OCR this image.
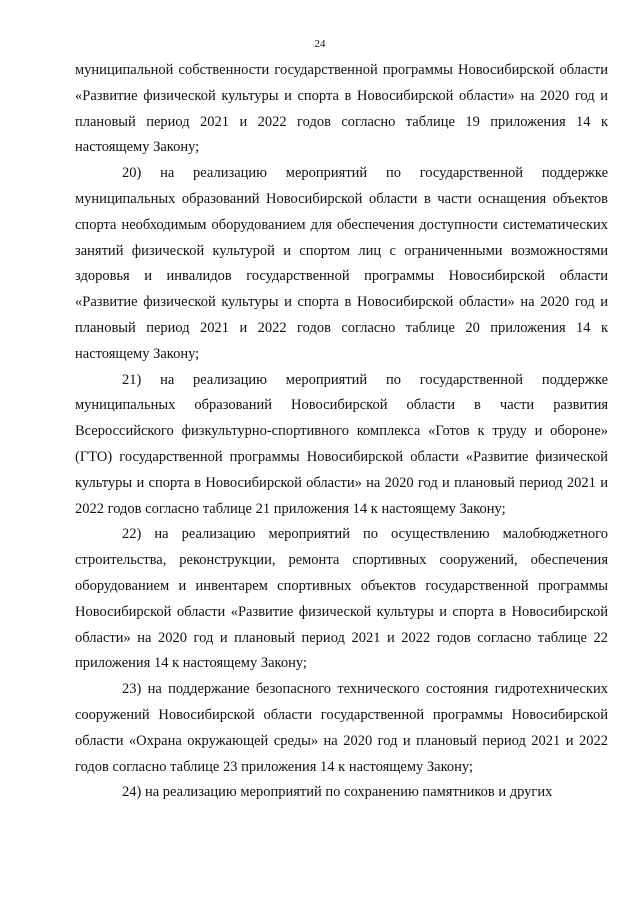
24

муниципальной собственности государственной программы Новосибирской области «Развитие физической культуры и спорта в Новосибирской области» на 2020 год и плановый период 2021 и 2022 годов согласно таблице 19 приложения 14 к настоящему Закону;

20) на реализацию мероприятий по государственной поддержке муниципальных образований Новосибирской области в части оснащения объектов спорта необходимым оборудованием для обеспечения доступности систематических занятий физической культурой и спортом лиц с ограниченными возможностями здоровья и инвалидов государственной программы Новосибирской области «Развитие физической культуры и спорта в Новосибирской области» на 2020 год и плановый период 2021 и 2022 годов согласно таблице 20 приложения 14 к настоящему Закону;

21) на реализацию мероприятий по государственной поддержке муниципальных образований Новосибирской области в части развития Всероссийского физкультурно-спортивного комплекса «Готов к труду и обороне» (ГТО) государственной программы Новосибирской области «Развитие физической культуры и спорта в Новосибирской области» на 2020 год и плановый период 2021 и 2022 годов согласно таблице 21 приложения 14 к настоящему Закону;

22) на реализацию мероприятий по осуществлению малобюджетного строительства, реконструкции, ремонта спортивных сооружений, обеспечения оборудованием и инвентарем спортивных объектов государственной программы Новосибирской области «Развитие физической культуры и спорта в Новосибирской области» на 2020 год и плановый период 2021 и 2022 годов согласно таблице 22 приложения 14 к настоящему Закону;

23) на поддержание безопасного технического состояния гидротехнических сооружений Новосибирской области государственной программы Новосибирской области «Охрана окружающей среды» на 2020 год и плановый период 2021 и 2022 годов согласно таблице 23 приложения 14 к настоящему Закону;

24) на реализацию мероприятий по сохранению памятников и других
